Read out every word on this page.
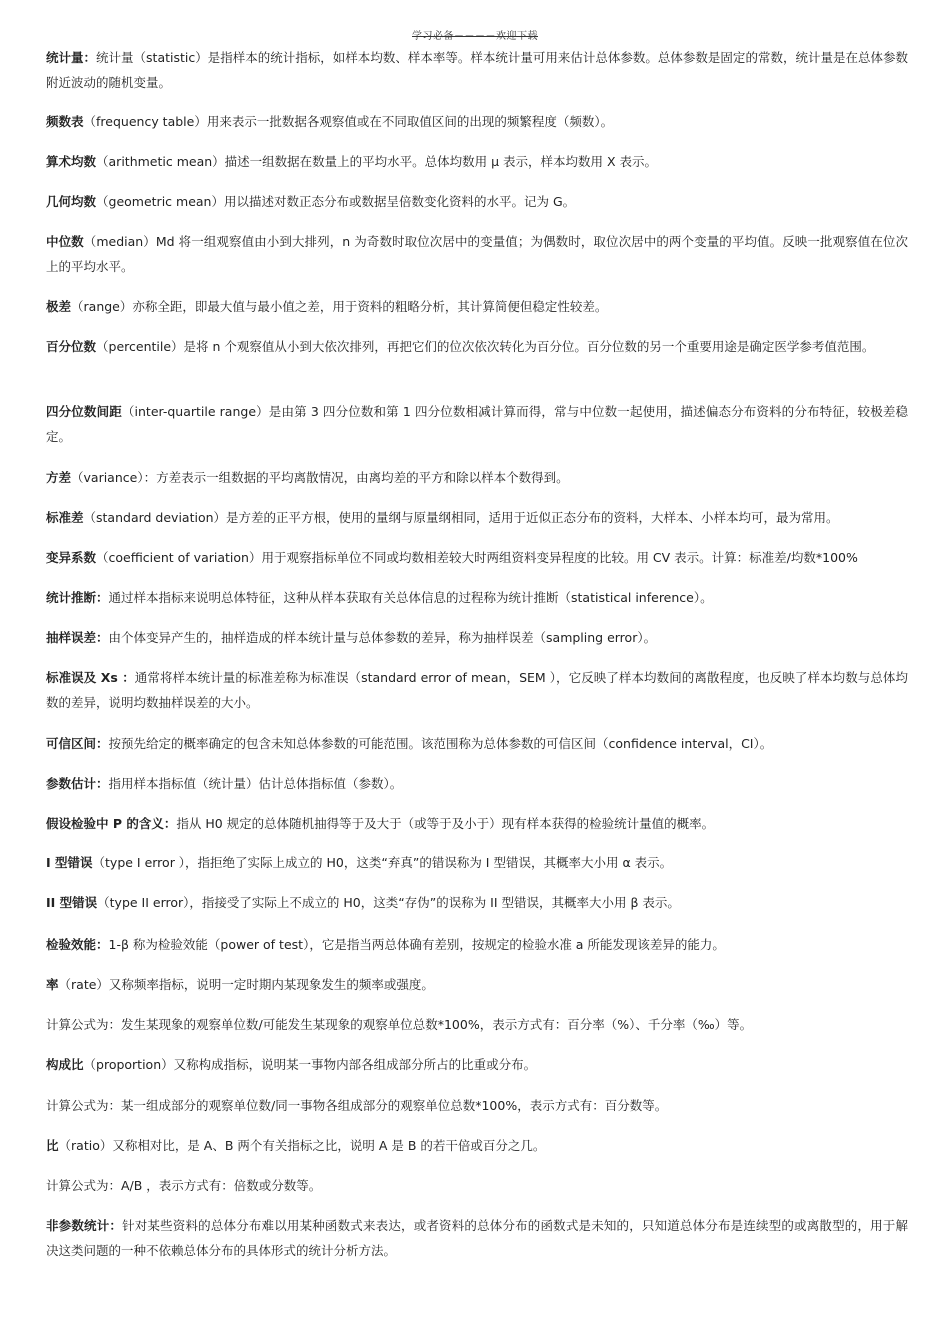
学习必备－－－－欢迎下载

统计量：统计量（statistic）是指样本的统计指标，如样本均数、样本率等。样本统计量可用来估计总体参数。总体参数是固定的常数，统计量是在总体参数附近波动的随机变量。

频数表（frequency table）用来表示一批数据各观察值或在不同取值区间的出现的频繁程度（频数）。

算术均数（arithmetic mean）描述一组数据在数量上的平均水平。总体均数用 μ 表示，样本均数用 X 表示。

几何均数（geometric mean）用以描述对数正态分布或数据呈倍数变化资料的水平。记为 G。

中位数（median）Md 将一组观察值由小到大排列，n 为奇数时取位次居中的变量值；为偶数时，取位次居中的两个变量的平均值。反映一批观察值在位次上的平均水平。

极差（range）亦称全距，即最大值与最小值之差，用于资料的粗略分析，其计算简便但稳定性较差。

百分位数（percentile）是将 n 个观察值从小到大依次排列，再把它们的位次依次转化为百分位。百分位数的另一个重要用途是确定医学参考值范围。

四分位数间距（inter-quartile range）是由第 3 四分位数和第 1 四分位数相减计算而得，常与中位数一起使用，描述偏态分布资料的分布特征，较极差稳定。

方差（variance）：方差表示一组数据的平均离散情况，由离均差的平方和除以样本个数得到。

标准差（standard deviation）是方差的正平方根，使用的量纲与原量纲相同，适用于近似正态分布的资料，大样本、小样本均可，最为常用。

变异系数（coefficient of variation）用于观察指标单位不同或均数相差较大时两组资料变异程度的比较。用 CV 表示。计算：标准差/均数*100%

统计推断：通过样本指标来说明总体特征，这种从样本获取有关总体信息的过程称为统计推断（statistical inference）。

抽样误差：由个体变异产生的，抽样造成的样本统计量与总体参数的差异，称为抽样误差（sampling error）。

标准误及 Xs ：通常将样本统计量的标准差称为标准误（standard error of mean，SEM ），它反映了样本均数间的离散程度，也反映了样本均数与总体均数的差异，说明均数抽样误差的大小。

可信区间：按预先给定的概率确定的包含未知总体参数的可能范围。该范围称为总体参数的可信区间（confidence interval，CI）。

参数估计：指用样本指标值（统计量）估计总体指标值（参数）。

假设检验中 P 的含义：指从 H0 规定的总体随机抽得等于及大于（或等于及小于）现有样本获得的检验统计量值的概率。

I 型错误（type I error ），指拒绝了实际上成立的 H0，这类“弃真”的错误称为 I 型错误，其概率大小用 α 表示。

II 型错误（type II error），指接受了实际上不成立的 H0，这类“存伪”的误称为 II 型错误，其概率大小用 β 表示。

检验效能：1-β 称为检验效能（power of test），它是指当两总体确有差别，按规定的检验水准 a 所能发现该差异的能力。

率（rate）又称频率指标，说明一定时期内某现象发生的频率或强度。

计算公式为：发生某现象的观察单位数/可能发生某现象的观察单位总数*100%，表示方式有：百分率（%）、千分率（‰）等。

构成比（proportion）又称构成指标，说明某一事物内部各组成部分所占的比重或分布。

计算公式为：某一组成部分的观察单位数/同一事物各组成部分的观察单位总数*100%，表示方式有：百分数等。

比（ratio）又称相对比，是 A、B 两个有关指标之比，说明 A 是 B 的若干倍或百分之几。

计算公式为：A/B ，表示方式有：倍数或分数等。

非参数统计：针对某些资料的总体分布难以用某种函数式来表达，或者资料的总体分布的函数式是未知的，只知道总体分布是连续型的或离散型的，用于解决这类问题的一种不依赖总体分布的具体形式的统计分析方法。
